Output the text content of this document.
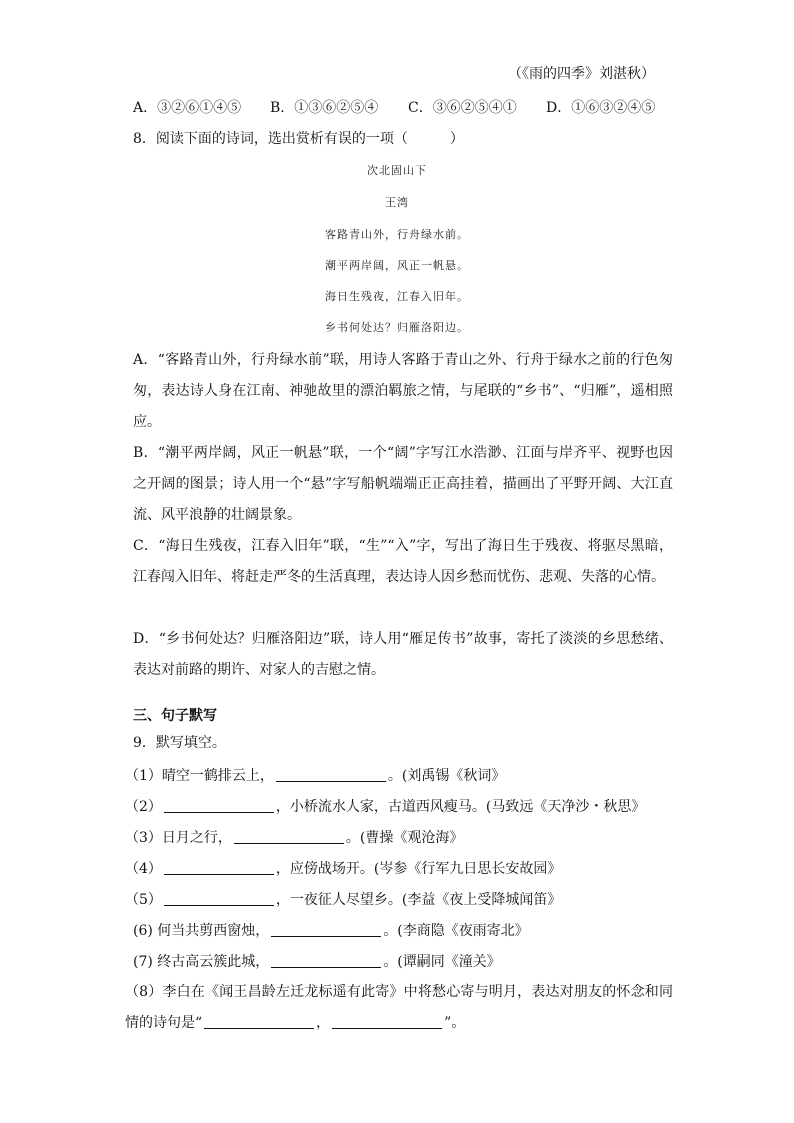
（《雨的四季》刘湛秋）
A．③②⑥①④⑤ B．①③⑥②⑤④ C．③⑥②⑤④① D．①⑥③②④⑤
8．阅读下面的诗词，选出赏析有误的一项（　　　）
次北固山下
王湾
客路青山外，行舟绿水前。
潮平两岸阔，风正一帆悬。
海日生残夜，江春入旧年。
乡书何处达？归雁洛阳边。
A．“客路青山外，行舟绿水前”联，用诗人客路于青山之外、行舟于绿水之前的行色匆匆，表达诗人身在江南、神驰故里的漂泊羁旅之情，与尾联的“乡书”、“归雁”，遥相照应。
B．“潮平两岸阔，风正一帆悬”联，一个“阔”字写江水浩渺、江面与岸齐平、视野也因之开阔的图景；诗人用一个“悬”字写船帆端端正正高挂着，描画出了平野开阔、大江直流、风平浪静的壮阔景象。
C．“海日生残夜，江春入旧年”联，“生”“入”字，写出了海日生于残夜、将驱尽黑暗，江春闯入旧年、将赶走严冬的生活真理，表达诗人因乡愁而忧伤、悲观、失落的心情。
D．“乡书何处达？归雁洛阳边”联，诗人用“雁足传书”故事，寄托了淡淡的乡思愁绪、表达对前路的期许、对家人的吉慰之情。
三、句子默写
9．默写填空。
（1）晴空一鹤排云上，	。(刘禹锡《秋词》
（2）	，小桥流水人家，古道西风瘦马。(马致远《天净沙・秋思》
（3）日月之行，	。(曹操《观沧海》
（4）	，应傍战场开。(岑参《行军九日思长安故园》
（5）	，一夜征人尽望乡。(李益《夜上受降城闻笛》
(6) 何当共剪西窗烛，	。(李商隐《夜雨寄北》
(7) 终古高云簇此城，	。(谭嗣同《潼关》
（8）李白在《闻王昌龄左迁龙标遥有此寄》中将愁心寄与明月，表达对朋友的怀念和同情的诗句是“	，	”。
